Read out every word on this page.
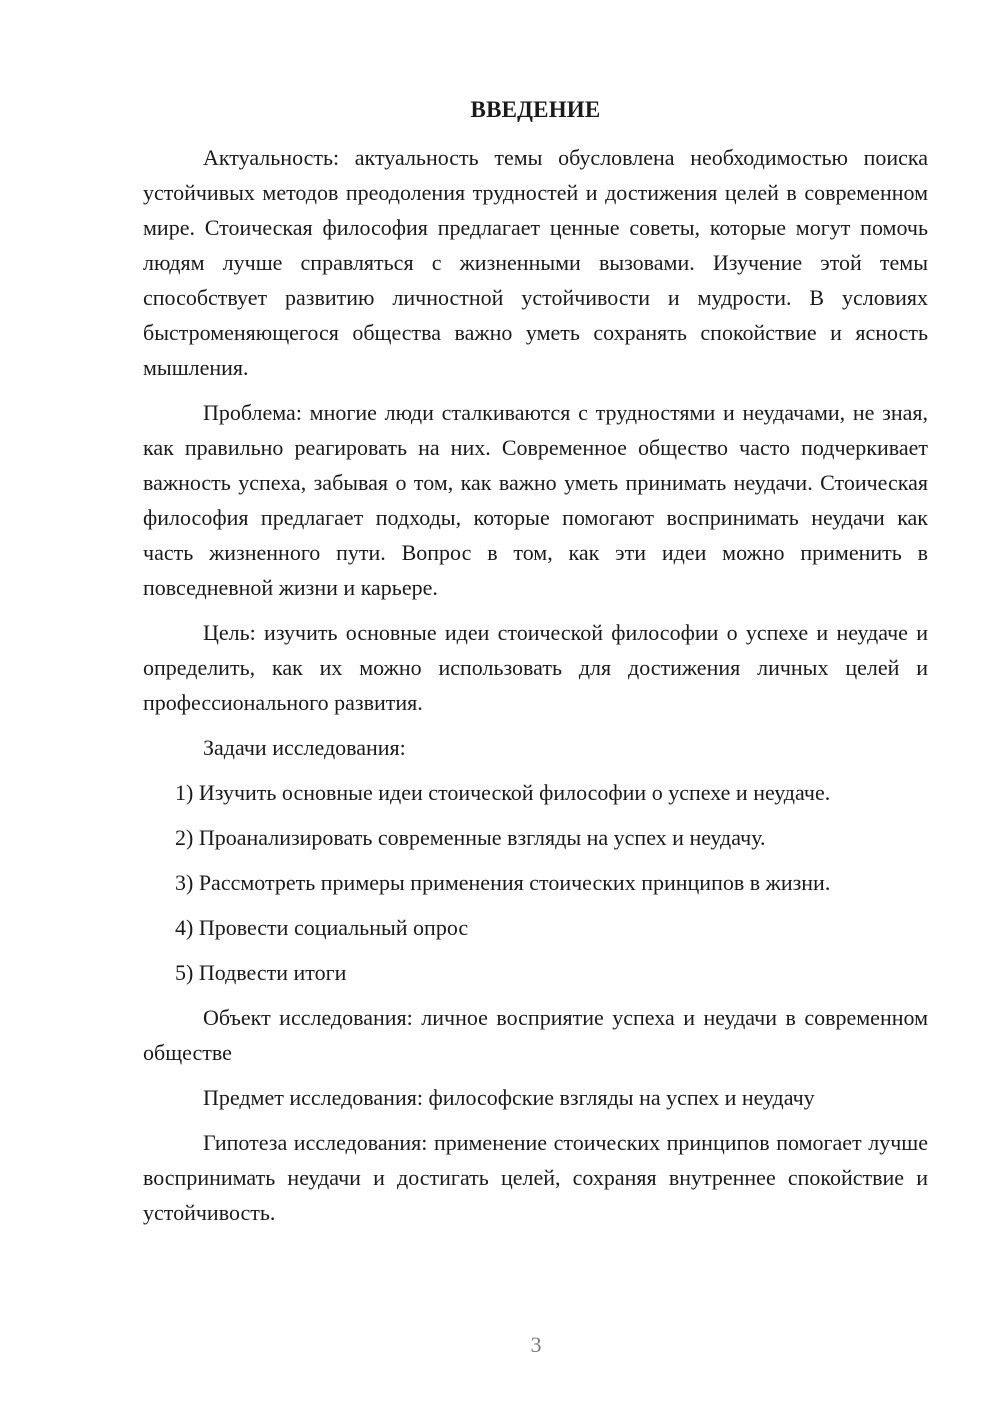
ВВЕДЕНИЕ

Актуальность: актуальность темы обусловлена необходимостью поиска устойчивых методов преодоления трудностей и достижения целей в современном мире. Стоическая философия предлагает ценные советы, которые могут помочь людям лучше справляться с жизненными вызовами. Изучение этой темы способствует развитию личностной устойчивости и мудрости. В условиях быстроменяющегося общества важно уметь сохранять спокойствие и ясность мышления.

Проблема: многие люди сталкиваются с трудностями и неудачами, не зная, как правильно реагировать на них. Современное общество часто подчеркивает важность успеха, забывая о том, как важно уметь принимать неудачи. Стоическая философия предлагает подходы, которые помогают воспринимать неудачи как часть жизненного пути. Вопрос в том, как эти идеи можно применить в повседневной жизни и карьере.

Цель: изучить основные идеи стоической философии о успехе и неудаче и определить, как их можно использовать для достижения личных целей и профессионального развития.

Задачи исследования:

1) Изучить основные идеи стоической философии о успехе и неудаче.

2) Проанализировать современные взгляды на успех и неудачу.

3) Рассмотреть примеры применения стоических принципов в жизни.

4) Провести социальный опрос

5) Подвести итоги

Объект исследования: личное восприятие успеха и неудачи в современном обществе

Предмет исследования: философские взгляды на успех и неудачу

Гипотеза исследования: применение стоических принципов помогает лучше воспринимать неудачи и достигать целей, сохраняя внутреннее спокойствие и устойчивость.

3
